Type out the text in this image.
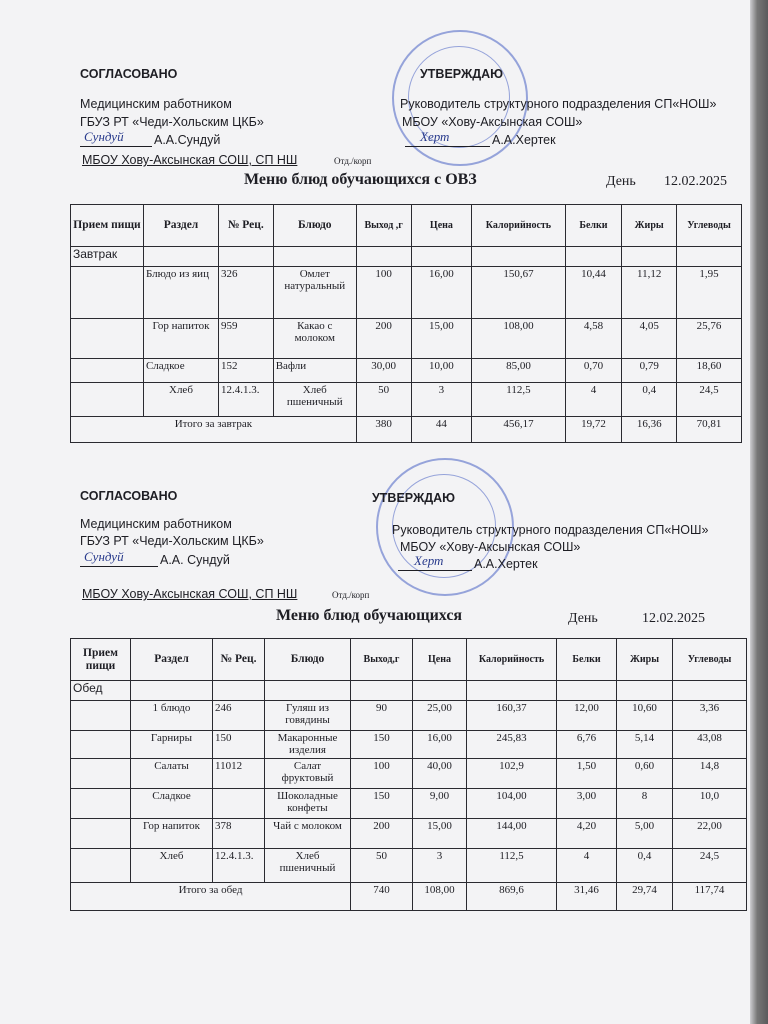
СОГЛАСОВАНО	УТВЕРЖДАЮ
Медицинским работником	Руководитель структурного подразделения СП«НОШ»
ГБУЗ РТ «Чеди-Хольским ЦКБ»	МБОУ «Хову-Аксынская СОШ»
Сундуй А.А.Сундуй	Херт	А.А.Хертек
МБОУ Хову-Аксынская СОШ, СП НШ	Отд./корп
Меню блюд обучающихся с ОВЗ	День 12.02.2025
Прием пищи	Раздел	№ Рец.	Блюдо	Выход ,г	Цена	Калорийность	Белки	Жиры	Углеводы
Завтрак									
	Блюдо из яиц	326	Омлет натуральный	100	16,00	150,67	10,44	11,12	1,95
	Гор напиток	959	Какао с молоком	200	15,00	108,00	4,58	4,05	25,76
	Сладкое	152	Вафли	30,00	10,00	85,00	0,70	0,79	18,60
	Хлеб	12.4.1.3.	Хлеб пшеничный	50	3	112,5	4	0,4	24,5
Итого за завтрак				380	44	456,17	19,72	16,36	70,81
СОГЛАСОВАНО	УТВЕРЖДАЮ
Медицинским работником	Руководитель структурного подразделения СП«НОШ»
ГБУЗ РТ «Чеди-Хольским ЦКБ»	МБОУ «Хову-Аксынская СОШ»
Сундуй	А.А. Сундуй	Херт А.А.Хертек
МБОУ Хову-Аксынская СОШ, СП НШ	Отд./корп
Меню блюд обучающихся	День	12.02.2025
Прием пищи	Раздел	№ Рец.	Блюдо	Выход,г	Цена	Калорийность	Белки	Жиры	Углеводы
Обед									
	1 блюдо	246	Гуляш из говядины	90	25,00	160,37	12,00	10,60	3,36
	Гарниры	150	Макаронные изделия	150	16,00	245,83	6,76	5,14	43,08
	Салаты	11012	Салат фруктовый	100	40,00	102,9	1,50	0,60	14,8
	Сладкое		Шоколадные конфеты	150	9,00	104,00	3,00	8	10,0
	Гор напиток	378	Чай с молоком	200	15,00	144,00	4,20	5,00	22,00
	Хлеб	12.4.1.3.	Хлеб пшеничный	50	3	112,5	4	0,4	24,5
Итого за обед				740	108,00	869,6	31,46	29,74	117,74
